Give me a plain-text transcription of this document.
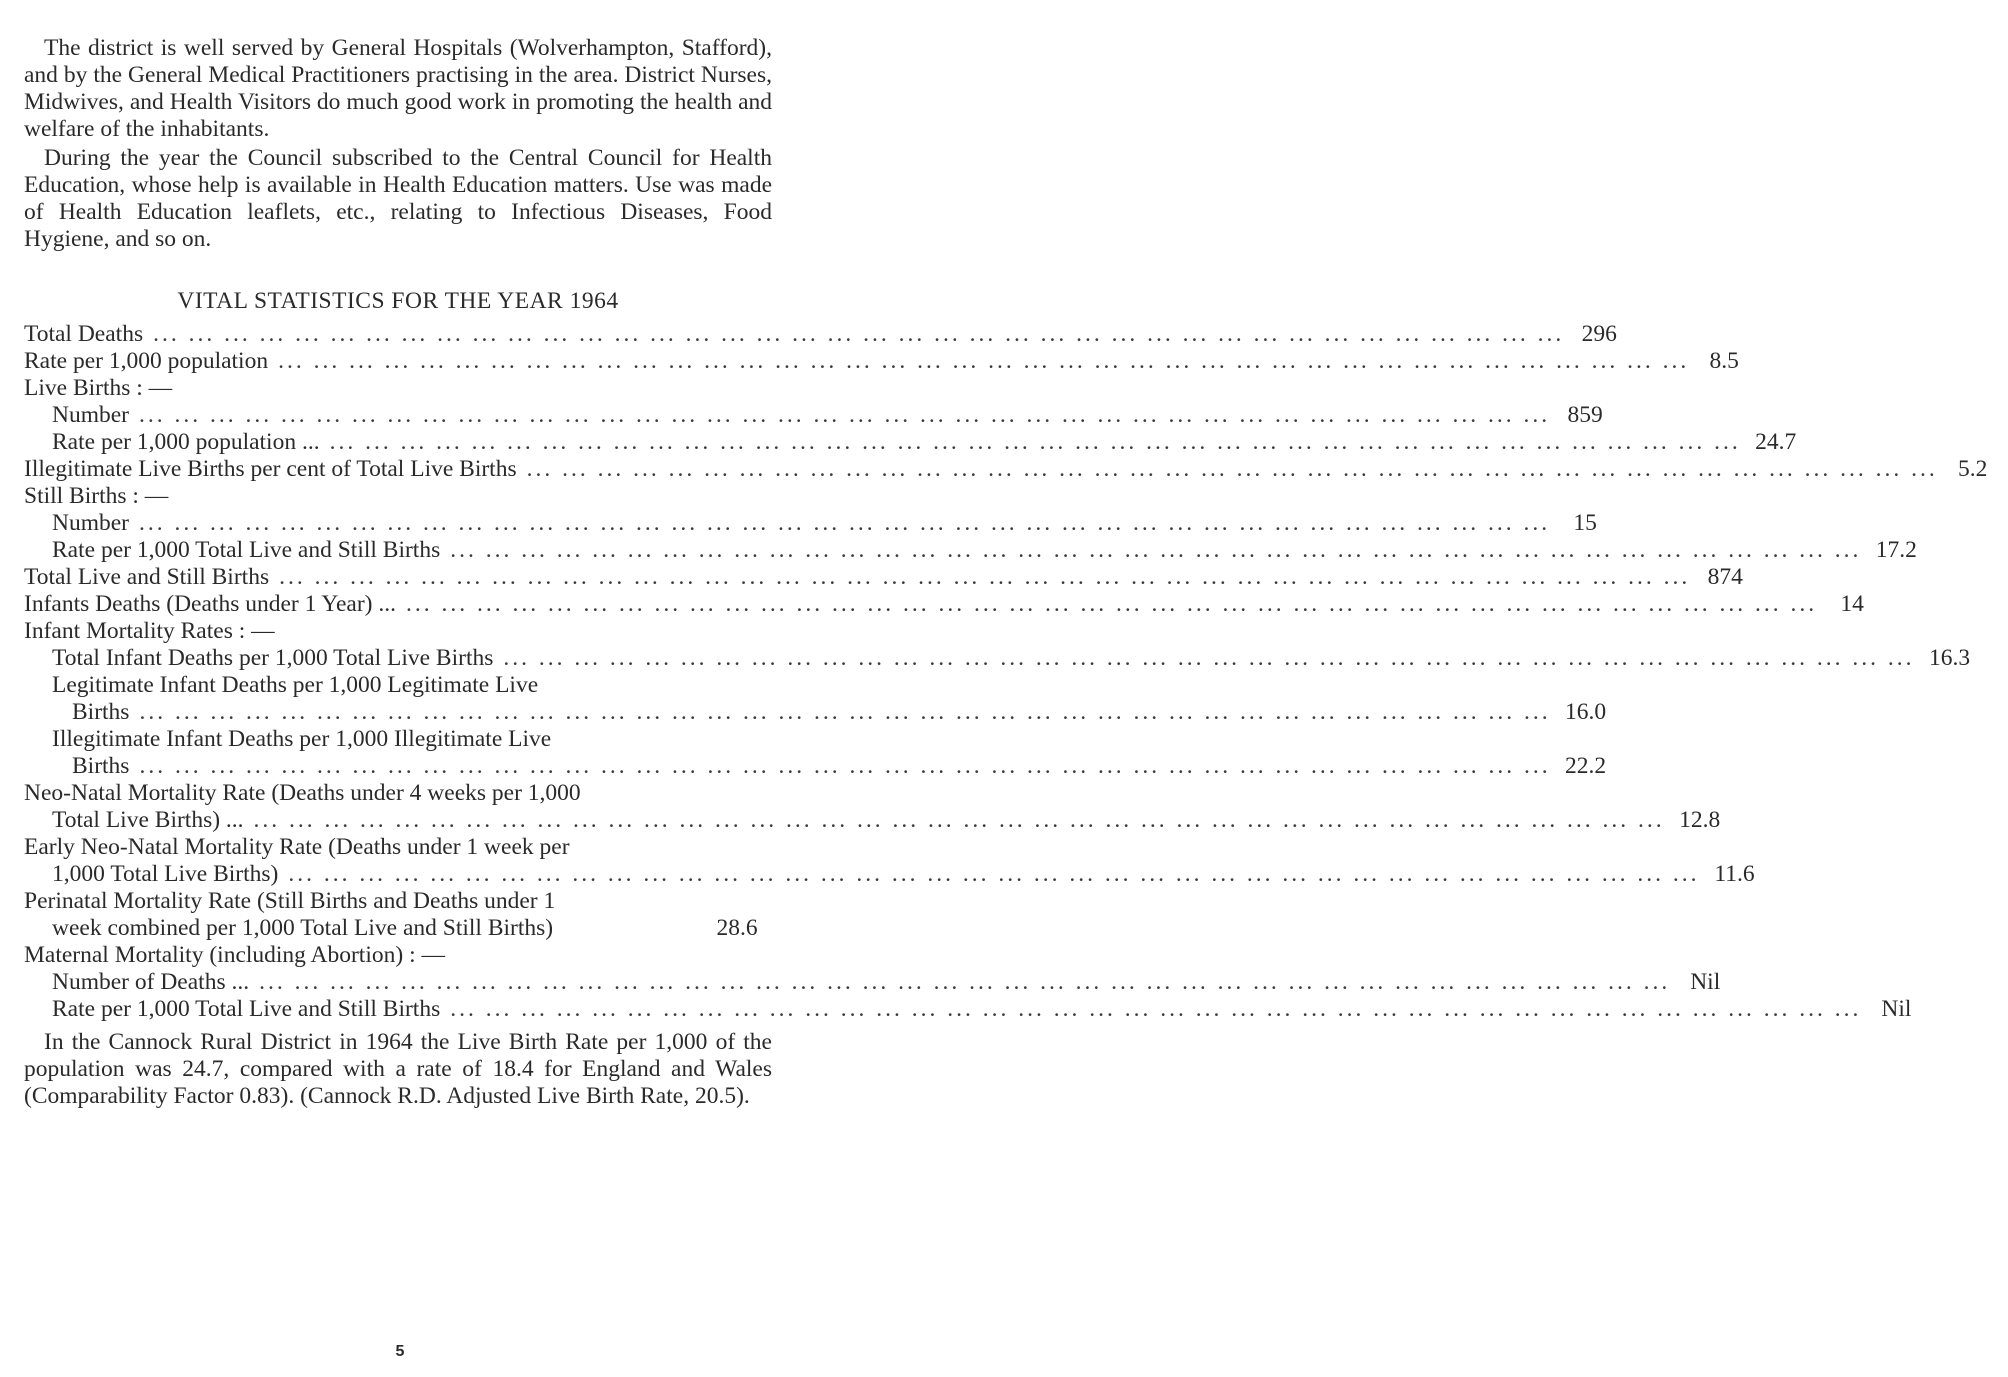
The district is well served by General Hospitals (Wolverhampton, Stafford), and by the General Medical Practitioners practising in the area. District Nurses, Midwives, and Health Visitors do much good work in promoting the health and welfare of the inhabitants.

During the year the Council subscribed to the Central Council for Health Education, whose help is available in Health Education matters. Use was made of Health Education leaflets, etc., relating to Infectious Diseases, Food Hygiene, and so on.

VITAL STATISTICS FOR THE YEAR 1964
Total Deaths ... ... ... ... ... ... ... ... ... ... ... ... ... ... ... ... ... ... ... ... ... ... ... ... ... ... ... ... ... ... ... ... ... ... ... ... ... ... ... ... 296
Rate per 1,000 population ... ... ... ... ... ... ... ... ... ... ... ... ... ... ... ... ... ... ... ... ... ... ... ... ... ... ... ... ... ... ... ... ... ... ... ... ... ... ... ... 8.5
Live Births : —
Number ... ... ... ... ... ... ... ... ... ... ... ... ... ... ... ... ... ... ... ... ... ... ... ... ... ... ... ... ... ... ... ... ... ... ... ... ... ... ... ... 859
Rate per 1,000 population ... ... ... ... ... ... ... ... ... ... ... ... ... ... ... ... ... ... ... ... ... ... ... ... ... ... ... ... ... ... ... ... ... ... ... ... ... ... ... ... ... 24.7
Illegitimate Live Births per cent of Total Live Births ... ... ... ... ... ... ... ... ... ... ... ... ... ... ... ... ... ... ... ... ... ... ... ... ... ... ... ... ... ... ... ... ... ... ... ... ... ... ... ... 5.2
Still Births : —
Number ... ... ... ... ... ... ... ... ... ... ... ... ... ... ... ... ... ... ... ... ... ... ... ... ... ... ... ... ... ... ... ... ... ... ... ... ... ... ... ... 15
Rate per 1,000 Total Live and Still Births ... ... ... ... ... ... ... ... ... ... ... ... ... ... ... ... ... ... ... ... ... ... ... ... ... ... ... ... ... ... ... ... ... ... ... ... ... ... ... ... 17.2
Total Live and Still Births ... ... ... ... ... ... ... ... ... ... ... ... ... ... ... ... ... ... ... ... ... ... ... ... ... ... ... ... ... ... ... ... ... ... ... ... ... ... ... ... 874
Infants Deaths (Deaths under 1 Year) ... ... ... ... ... ... ... ... ... ... ... ... ... ... ... ... ... ... ... ... ... ... ... ... ... ... ... ... ... ... ... ... ... ... ... ... ... ... ... ... ... 14
Infant Mortality Rates : —
Total Infant Deaths per 1,000 Total Live Births ... ... ... ... ... ... ... ... ... ... ... ... ... ... ... ... ... ... ... ... ... ... ... ... ... ... ... ... ... ... ... ... ... ... ... ... ... ... ... ... 16.3
Legitimate Infant Deaths per 1,000 Legitimate Live
Births ... ... ... ... ... ... ... ... ... ... ... ... ... ... ... ... ... ... ... ... ... ... ... ... ... ... ... ... ... ... ... ... ... ... ... ... ... ... ... ... 16.0
Illegitimate Infant Deaths per 1,000 Illegitimate Live
Births ... ... ... ... ... ... ... ... ... ... ... ... ... ... ... ... ... ... ... ... ... ... ... ... ... ... ... ... ... ... ... ... ... ... ... ... ... ... ... ... 22.2
Neo-Natal Mortality Rate (Deaths under 4 weeks per 1,000
Total Live Births) ... ... ... ... ... ... ... ... ... ... ... ... ... ... ... ... ... ... ... ... ... ... ... ... ... ... ... ... ... ... ... ... ... ... ... ... ... ... ... ... ... 12.8
Early Neo-Natal Mortality Rate (Deaths under 1 week per
1,000 Total Live Births) ... ... ... ... ... ... ... ... ... ... ... ... ... ... ... ... ... ... ... ... ... ... ... ... ... ... ... ... ... ... ... ... ... ... ... ... ... ... ... ... 11.6
Perinatal Mortality Rate (Still Births and Deaths under 1
week combined per 1,000 Total Live and Still Births)	28.6
Maternal Mortality (including Abortion) : —
Number of Deaths ... ... ... ... ... ... ... ... ... ... ... ... ... ... ... ... ... ... ... ... ... ... ... ... ... ... ... ... ... ... ... ... ... ... ... ... ... ... ... ... ... Nil
Rate per 1,000 Total Live and Still Births ... ... ... ... ... ... ... ... ... ... ... ... ... ... ... ... ... ... ... ... ... ... ... ... ... ... ... ... ... ... ... ... ... ... ... ... ... ... ... ... Nil

In the Cannock Rural District in 1964 the Live Birth Rate per 1,000 of the population was 24.7, compared with a rate of 18.4 for England and Wales (Comparability Factor 0.83). (Cannock R.D. Adjusted Live Birth Rate, 20.5).

5
